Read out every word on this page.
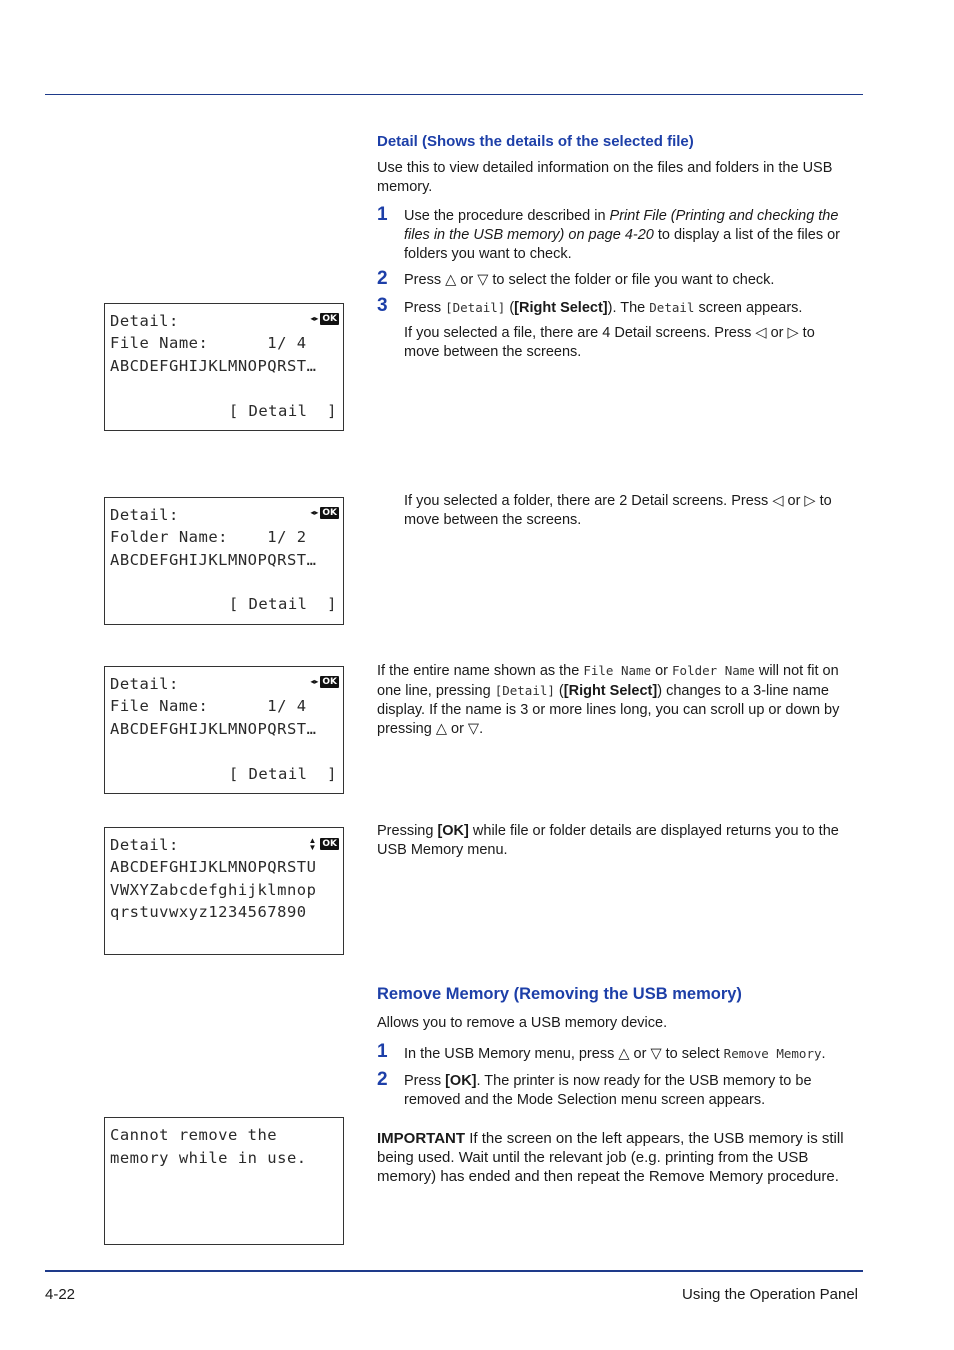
Detail (Shows the details of the selected file)
Use this to view detailed information on the files and folders in the USB memory.
1 Use the procedure described in Print File (Printing and checking the files in the USB memory) on page 4-20 to display a list of the files or folders you want to check.
2 Press △ or ▽ to select the folder or file you want to check.
3 Press [Detail] ([Right Select]). The Detail screen appears.
If you selected a file, there are 4 Detail screens. Press ◁ or ▷ to move between the screens.
If you selected a folder, there are 2 Detail screens. Press ◁ or ▷ to move between the screens.
If the entire name shown as the File Name or Folder Name will not fit on one line, pressing [Detail] ([Right Select]) changes to a 3-line name display. If the name is 3 or more lines long, you can scroll up or down by pressing △ or ▽.
Pressing [OK] while file or folder details are displayed returns you to the USB Memory menu.
Remove Memory (Removing the USB memory)
Allows you to remove a USB memory device.
1 In the USB Memory menu, press △ or ▽ to select Remove Memory.
2 Press [OK]. The printer is now ready for the USB memory to be removed and the Mode Selection menu screen appears.
IMPORTANT If the screen on the left appears, the USB memory is still being used. Wait until the relevant job (e.g. printing from the USB memory) has ended and then repeat the Remove Memory procedure.
◂▸ OK
Detail:
File Name:      1/ 4
ABCDEFGHIJKLMNOPQRST…
[ Detail  ]
◂▸ OK
Detail:
Folder Name:    1/ 2
ABCDEFGHIJKLMNOPQRST…
[ Detail  ]
◂▸ OK
Detail:
File Name:      1/ 4
ABCDEFGHIJKLMNOPQRST…
[ Detail  ]
▲
▼ OK
Detail:
ABCDEFGHIJKLMNOPQRSTU
VWXYZabcdefghijklmnop
qrstuvwxyz1234567890
Cannot remove the
memory while in use.
4-22	Using the Operation Panel
